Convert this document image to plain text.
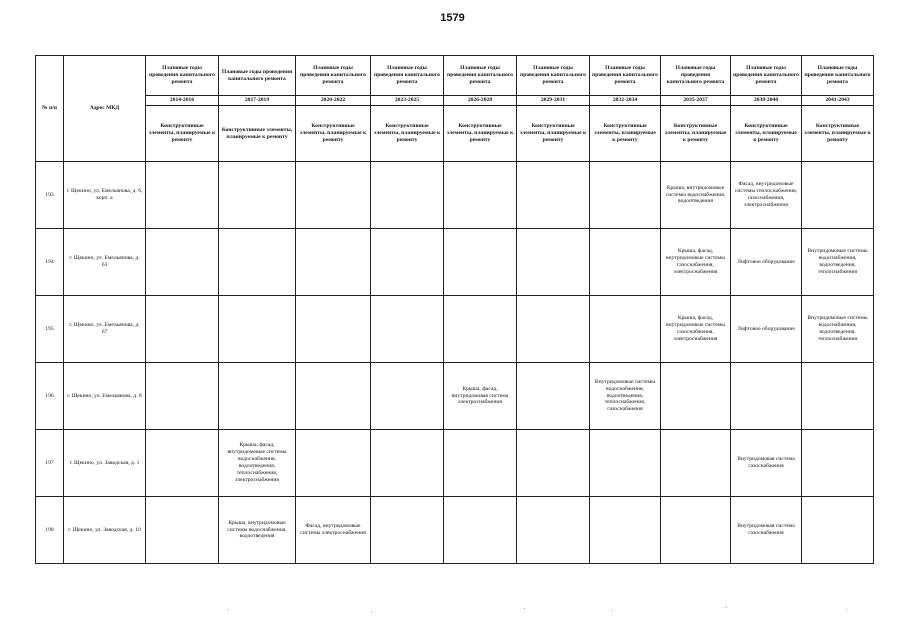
1579
№ п/п	Адрес МКД	Плановые годы проведения капитального ремонта	Плановые годы проведения капитального ремонта	Плановые годы проведения капитального ремонта	Плановые годы проведения капитального ремонта	Плановые годы проведения капитального ремонта	Плановые годы проведения капитального ремонта	Плановые годы проведения капитального ремонта	Плановые годы проведения капитального ремонта	Плановые годы проведения капитального ремонта	Плановые годы проведения капитального ремонта
		2014-2016	2017-2019	2020-2022	2023-2025	2026-2028	2029-2031	2032-2034	2035-2037	2038-2040	2041-2043
		Конструктивные элементы, планируемые к ремонту	Конструктивные элементы, планируемые к ремонту	Конструктивные элементы, планируемые к ремонту	Конструктивные элементы, планируемые к ремонту	Конструктивные элементы, планируемые к ремонту	Конструктивные элементы, планируемые к ремонту	Конструктивные элементы, планируемые к ремонту	Конструктивные элементы, планируемые к ремонту	Конструктивные элементы, планируемые к ремонту	Конструктивные элементы, планируемые к ремонту
193	г. Щекино, ул. Емельянова, д. 6, корп. а								Крыша, внутридомовые системы водоснабжения, водоотведения	Фасад, внутридомовые системы теплоснабжения, газоснабжения, электроснабжения	
194	г. Щекино, ул. Емельянова, д. 63								Крыша, фасад, внутридомовые системы газоснабжения, электроснабжения	Лифтовое оборудование	Внутридомовые системы водоснабжения, водоотведения, теплоснабжения
195	г. Щекино, ул. Емельянова, д. 67								Крыша, фасад, внутридомовые системы газоснабжения, электроснабжения	Лифтовое оборудование	Внутридомовые системы водоснабжения, водоотведения, теплоснабжения
196	г. Щекино, ул. Емельянова, д. 8					Крыша, фасад, внутридомовая система электроснабжения		Внутридомовые системы водоснабжения, водоотведения, теплоснабжения, газоснабжения			
197	г. Щекино, ул. Заводская, д. 1		Крыша, фасад, внутридомовые системы водоснабжения, водоотведения, теплоснабжения, электроснабжения							Внутридомовая система газоснабжения	
198	г. Щекино, ул. Заводская, д. 10		Крыша, внутридомовые системы водоснабжения, водоотведения	Фасад, внутридомовые системы электроснабжения						Внутридомовая система газоснабжения	
